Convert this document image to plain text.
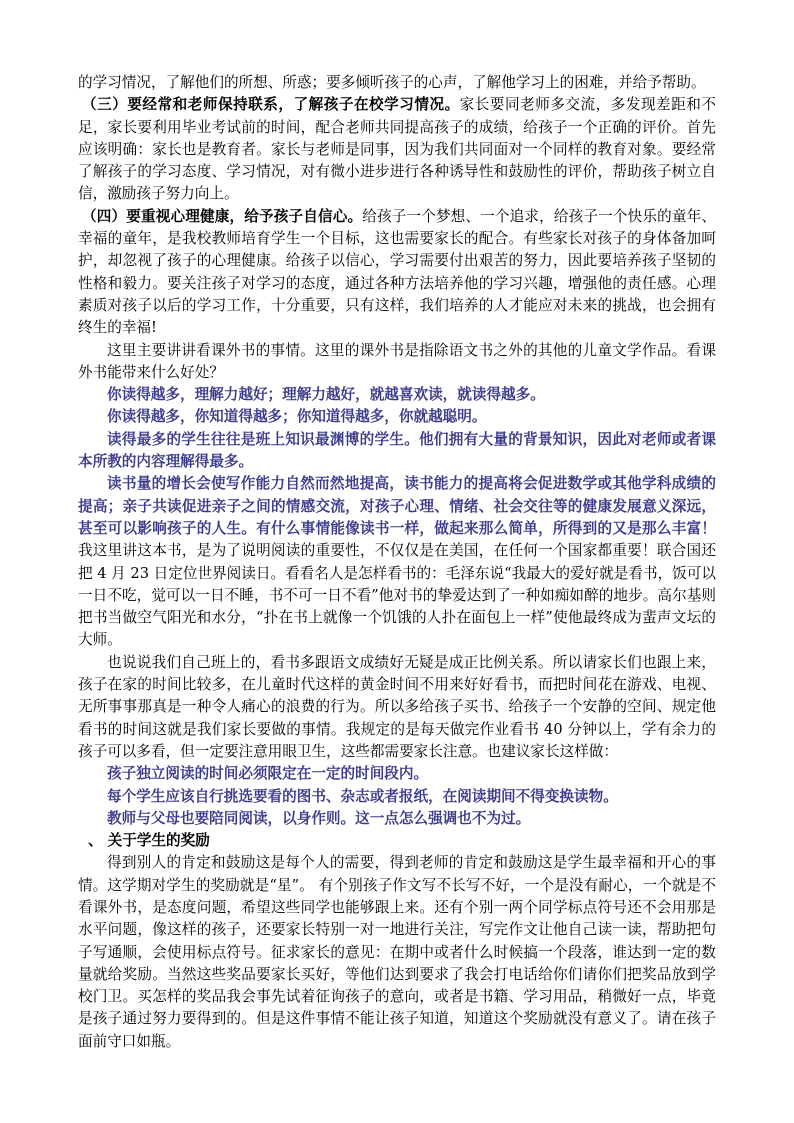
的学习情况，了解他们的所想、所惑；要多倾听孩子的心声，了解他学习上的困难，并给予帮助。

（三）要经常和老师保持联系，了解孩子在校学习情况。家长要同老师多交流，多发现差距和不足，家长要利用毕业考试前的时间，配合老师共同提高孩子的成绩，给孩子一个正确的评价。首先应该明确：家长也是教育者。家长与老师是同事，因为我们共同面对一个同样的教育对象。要经常了解孩子的学习态度、学习情况，对有微小进步进行各种诱导性和鼓励性的评价，帮助孩子树立自信，激励孩子努力向上。

（四）要重视心理健康，给予孩子自信心。给孩子一个梦想、一个追求，给孩子一个快乐的童年、幸福的童年，是我校教师培育学生一个目标，这也需要家长的配合。有些家长对孩子的身体备加呵护，却忽视了孩子的心理健康。给孩子以信心，学习需要付出艰苦的努力，因此要培养孩子坚韧的性格和毅力。要关注孩子对学习的态度，通过各种方法培养他的学习兴趣，增强他的责任感。心理素质对孩子以后的学习工作，十分重要，只有这样，我们培养的人才能应对未来的挑战，也会拥有终生的幸福!

这里主要讲讲看课外书的事情。这里的课外书是指除语文书之外的其他的儿童文学作品。看课外书能带来什么好处？

你读得越多，理解力越好；理解力越好，就越喜欢读，就读得越多。

你读得越多，你知道得越多；你知道得越多，你就越聪明。

读得最多的学生往往是班上知识最渊博的学生。他们拥有大量的背景知识，因此对老师或者课本所教的内容理解得最多。

读书量的增长会使写作能力自然而然地提高，读书能力的提高将会促进数学或其他学科成绩的提高；亲子共读促进亲子之间的情感交流，对孩子心理、情绪、社会交往等的健康发展意义深远，甚至可以影响孩子的人生。有什么事情能像读书一样，做起来那么简单，所得到的又是那么丰富！我这里讲这本书，是为了说明阅读的重要性，不仅仅是在美国，在任何一个国家都重要！联合国还把 4 月 23 日定位世界阅读日。看看名人是怎样看书的：毛泽东说“我最大的爱好就是看书，饭可以一日不吃，觉可以一日不睡，书不可一日不看”他对书的挚爱达到了一种如痴如醉的地步。高尔基则把书当做空气阳光和水分，“扑在书上就像一个饥饿的人扑在面包上一样”使他最终成为蜚声文坛的大师。

也说说我们自己班上的，看书多跟语文成绩好无疑是成正比例关系。所以请家长们也跟上来，孩子在家的时间比较多，在儿童时代这样的黄金时间不用来好好看书，而把时间花在游戏、电视、无所事事那真是一种令人痛心的浪费的行为。所以多给孩子买书、给孩子一个安静的空间、规定他看书的时间这就是我们家长要做的事情。我规定的是每天做完作业看书 40 分钟以上，学有余力的孩子可以多看，但一定要注意用眼卫生，这些都需要家长注意。也建议家长这样做：

孩子独立阅读的时间必须限定在一定的时间段内。

每个学生应该自行挑选要看的图书、杂志或者报纸，在阅读期间不得变换读物。

教师与父母也要陪同阅读，以身作则。这一点怎么强调也不为过。

、 关于学生的奖励

得到别人的肯定和鼓励这是每个人的需要，得到老师的肯定和鼓励这是学生最幸福和开心的事情。这学期对学生的奖励就是“星”。 有个别孩子作文写不长写不好，一个是没有耐心，一个就是不看课外书，是态度问题，希望这些同学也能够跟上来。还有个别一两个同学标点符号还不会用那是水平问题，像这样的孩子，还要家长特别一对一地进行关注，写完作文让他自己读一读，帮助把句子写通顺，会使用标点符号。征求家长的意见：在期中或者什么时候搞一个段落，谁达到一定的数量就给奖励。当然这些奖品要家长买好，等他们达到要求了我会打电话给你们请你们把奖品放到学校门卫。买怎样的奖品我会事先试着征询孩子的意向，或者是书籍、学习用品，稍微好一点，毕竟是孩子通过努力要得到的。但是这件事情不能让孩子知道，知道这个奖励就没有意义了。请在孩子面前守口如瓶。
